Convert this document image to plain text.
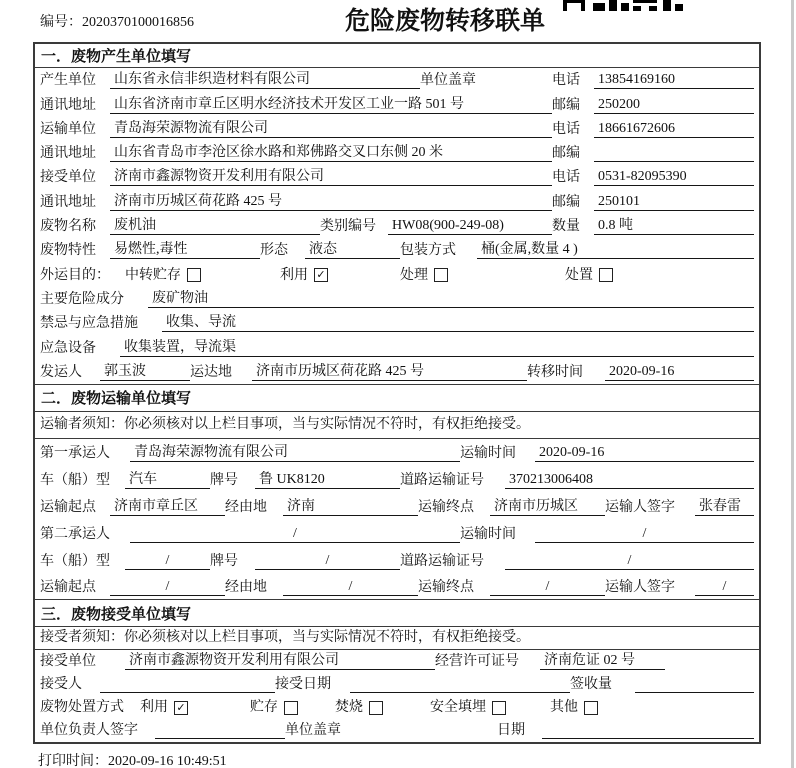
编号：2020370100016856	危险废物转移联单
一．废物产生单位填写
产生单位	山东省永信非织造材料有限公司	单位盖章	电话	13854169160
通讯地址	山东省济南市章丘区明水经济技术开发区工业一路 501 号	邮编	250200
运输单位	青岛海荣源物流有限公司	电话	18661672606
通讯地址	山东省青岛市李沧区徐水路和郑佛路交叉口东侧 20 米	邮编
接受单位	济南市鑫源物资开发利用有限公司	电话	0531-82095390
通讯地址	济南市历城区荷花路 425 号	邮编	250101
废物名称	废机油	类别编号	HW08(900-249-08)	数量	0.8 吨
废物特性	易燃性,毒性	形态	液态	包装方式	桶(金属,数量 4 )
外运目的：	中转贮存	利用 ✓	处理	处置
主要危险成分	废矿物油
禁忌与应急措施	收集、导流
应急设备	收集装置，导流渠
发运人	郭玉波	运达地	济南市历城区荷花路 425 号	转移时间	2020-09-16
二．废物运输单位填写
运输者须知：你必须核对以上栏目事项，当与实际情况不符时，有权拒绝接受。
第一承运人	青岛海荣源物流有限公司	运输时间	2020-09-16
车（船）型	汽车	牌号	鲁 UK8120	道路运输证号	370213006408
运输起点	济南市章丘区	经由地	济南	运输终点	济南市历城区	运输人签字	张春雷
第二承运人	/	运输时间	/
车（船）型	/	牌号	/	道路运输证号	/
运输起点	/	经由地	/	运输终点	/	运输人签字	/
三．废物接受单位填写
接受者须知：你必须核对以上栏目事项，当与实际情况不符时，有权拒绝接受。
接受单位	济南市鑫源物资开发利用有限公司	经营许可证号	济南危证 02 号
接受人	接受日期	签收量
废物处置方式	利用 ✓	贮存	焚烧	安全填埋	其他
单位负责人签字	单位盖章	日期
打印时间：2020-09-16 10:49:51
